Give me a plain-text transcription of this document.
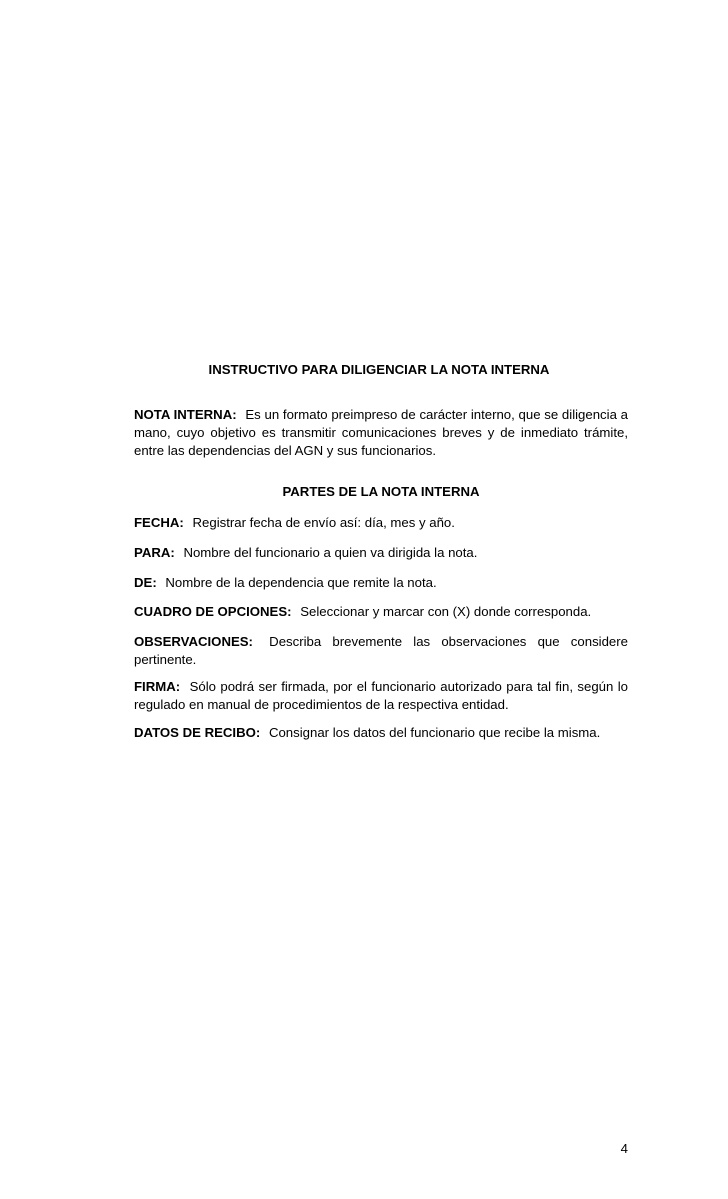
INSTRUCTIVO PARA DILIGENCIAR LA NOTA INTERNA
NOTA INTERNA: Es un formato preimpreso de carácter interno, que se diligencia a mano, cuyo objetivo es transmitir comunicaciones breves y de inmediato trámite, entre las dependencias del AGN y sus funcionarios.
PARTES DE LA NOTA INTERNA
FECHA: Registrar fecha de envío así: día, mes y año.
PARA: Nombre del funcionario a quien va dirigida la nota.
DE: Nombre de la dependencia que remite la nota.
CUADRO DE OPCIONES: Seleccionar y marcar con (X) donde corresponda.
OBSERVACIONES: Describa brevemente las observaciones que considere pertinente.
FIRMA: Sólo podrá ser firmada, por el funcionario autorizado para tal fin, según lo regulado en manual de procedimientos de la respectiva entidad.
DATOS DE RECIBO: Consignar los datos del funcionario que recibe la misma.
4
